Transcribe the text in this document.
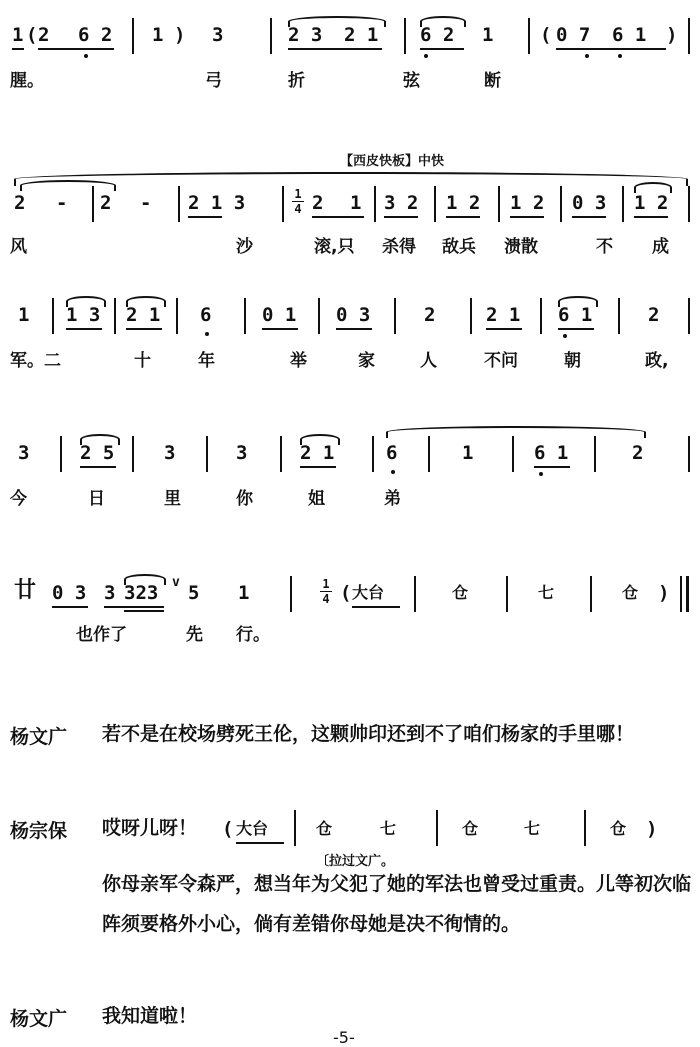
1 ( 2 6 2 1 ) 3	2 3 2 1 6 2 1 ( 0 7 6 1 )
腥。	弓	折	弦	断
【西皮快板】中快
2 - 2 - 2 1 3	1
4 2 1 3 2 1 2 1 2 0 3 1 2
风	沙	滚,只 杀得 敌兵 溃散	不 成
1 1 3 2 1 6	0 1 0 3	2	2 1 6 1	2
军。二	十	年	举	家	人	不问	朝	政,
3	2 5	3	3	2 1	6	1	6 1	2
今	日	里	你	姐	弟
廿 0 3 3 323 v 5 1	1
4 ( 大台	仓	七	仓 )
也作了	先 行。
杨文广 若不是在校场劈死王伦，这颗帅印还到不了咱们杨家的手里哪！
杨宗保 哎呀儿呀！ ( 大台	仓	七	仓	七	仓 )
〔拉过文广。
你母亲军令森严，想当年为父犯了她的军法也曾受过重责。儿等初次临阵须要格外小心，倘有差错你母她是决不徇情的。
杨文广 我知道啦！
-5-
